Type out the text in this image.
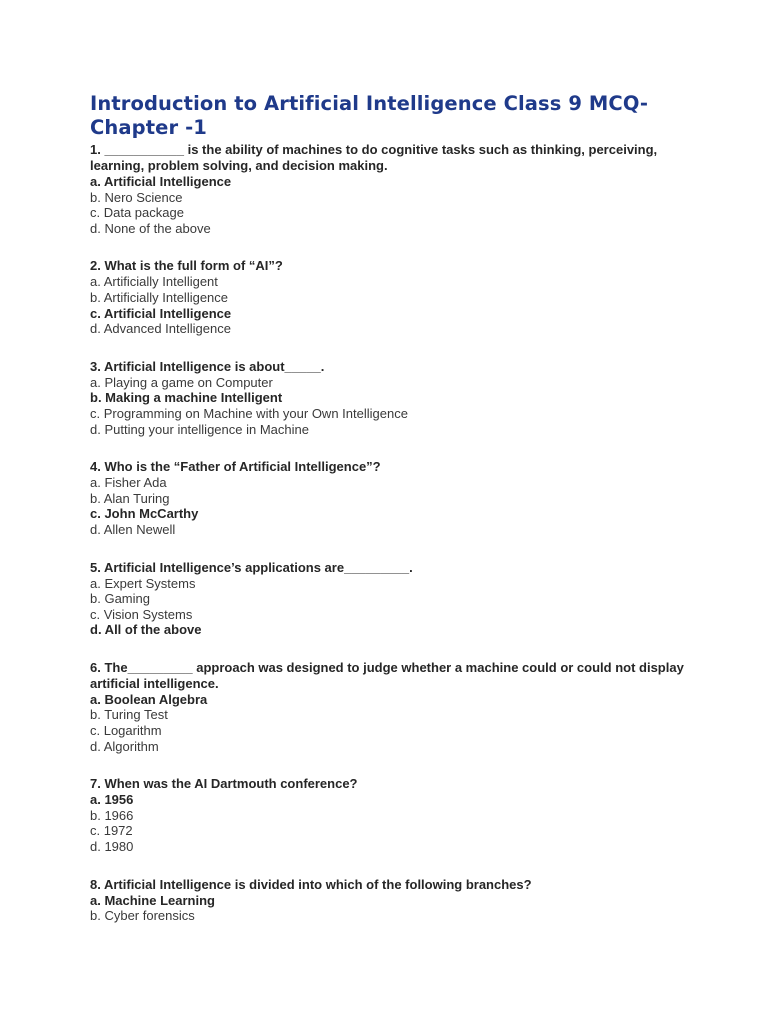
Introduction to Artificial Intelligence Class 9 MCQ- Chapter -1

1. ___________ is the ability of machines to do cognitive tasks such as thinking, perceiving, learning, problem solving, and decision making.

a. Artificial Intelligence

b. Nero Science

c. Data package

d. None of the above

2. What is the full form of “AI”?

a. Artificially Intelligent

b. Artificially Intelligence

c. Artificial Intelligence

d. Advanced Intelligence

3. Artificial Intelligence is about_____.

a. Playing a game on Computer

b. Making a machine Intelligent

c. Programming on Machine with your Own Intelligence

d. Putting your intelligence in Machine

4. Who is the “Father of Artificial Intelligence”?

a. Fisher Ada

b. Alan Turing

c. John McCarthy

d. Allen Newell

5. Artificial Intelligence’s applications are_________.

a. Expert Systems

b. Gaming

c. Vision Systems

d. All of the above

6. The_________ approach was designed to judge whether a machine could or could not display artificial intelligence.

a. Boolean Algebra

b. Turing Test

c. Logarithm

d. Algorithm

7. When was the AI Dartmouth conference?

a. 1956

b. 1966

c. 1972

d. 1980

8. Artificial Intelligence is divided into which of the following branches?

a. Machine Learning

b. Cyber forensics
